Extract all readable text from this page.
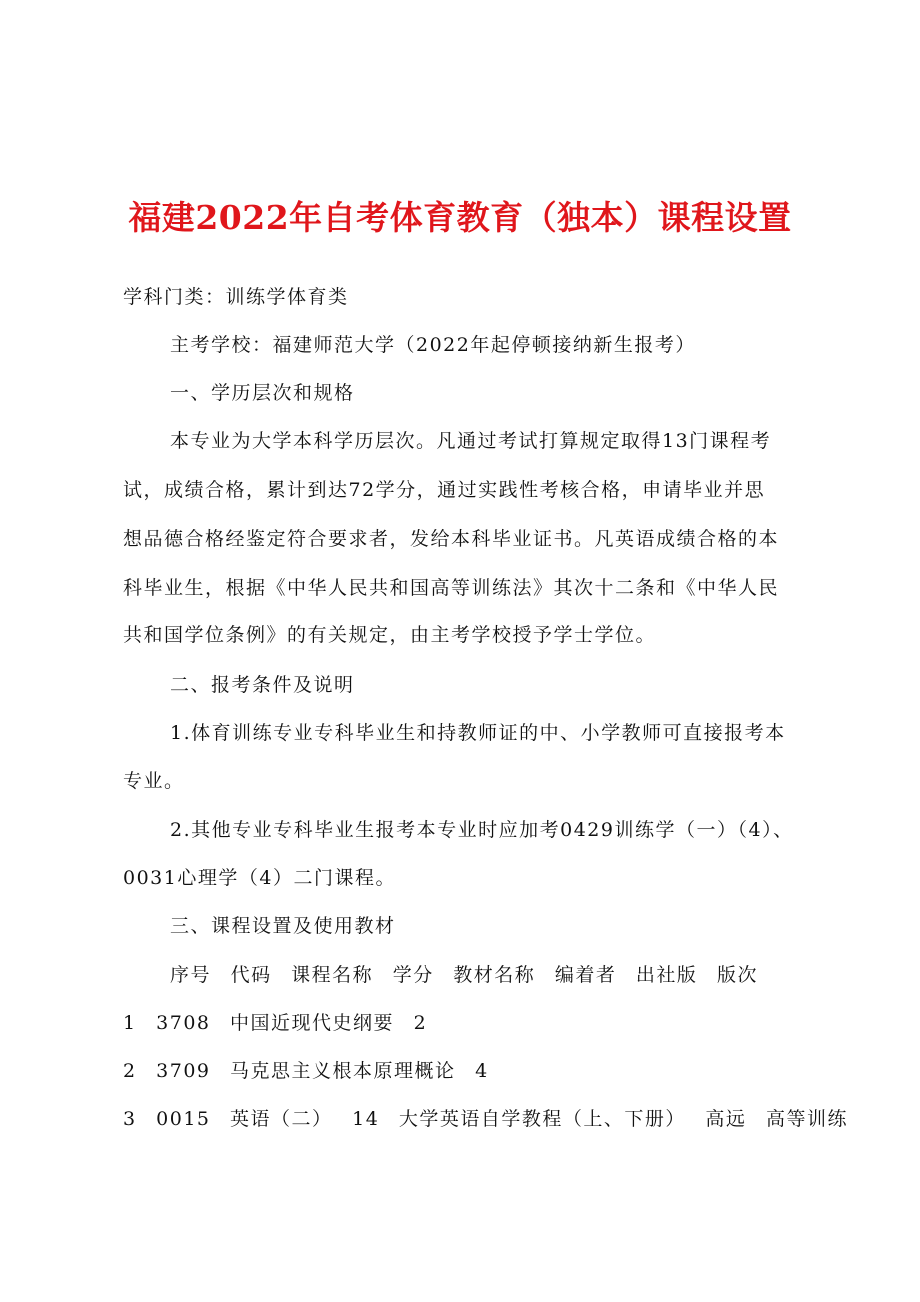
福建2022年自考体育教育（独本）课程设置
学科门类：训练学体育类
主考学校：福建师范大学（2022年起停顿接纳新生报考）
一、学历层次和规格
本专业为大学本科学历层次。凡通过考试打算规定取得13门课程考
试，成绩合格，累计到达72学分，通过实践性考核合格，申请毕业并思
想品德合格经鉴定符合要求者，发给本科毕业证书。凡英语成绩合格的本
科毕业生，根据《中华人民共和国高等训练法》其次十二条和《中华人民
共和国学位条例》的有关规定，由主考学校授予学士学位。
二、报考条件及说明
1.体育训练专业专科毕业生和持教师证的中、小学教师可直接报考本
专业。
2.其他专业专科毕业生报考本专业时应加考0429训练学（一）（4）、
0031心理学（4）二门课程。
三、课程设置及使用教材
序号 代码 课程名称 学分 教材名称 编着者 出社版 版次
1 3708 中国近现代史纲要 2
2 3709 马克思主义根本原理概论 4
3 0015 英语（二） 14 大学英语自学教程（上、下册） 高远 高等训练
